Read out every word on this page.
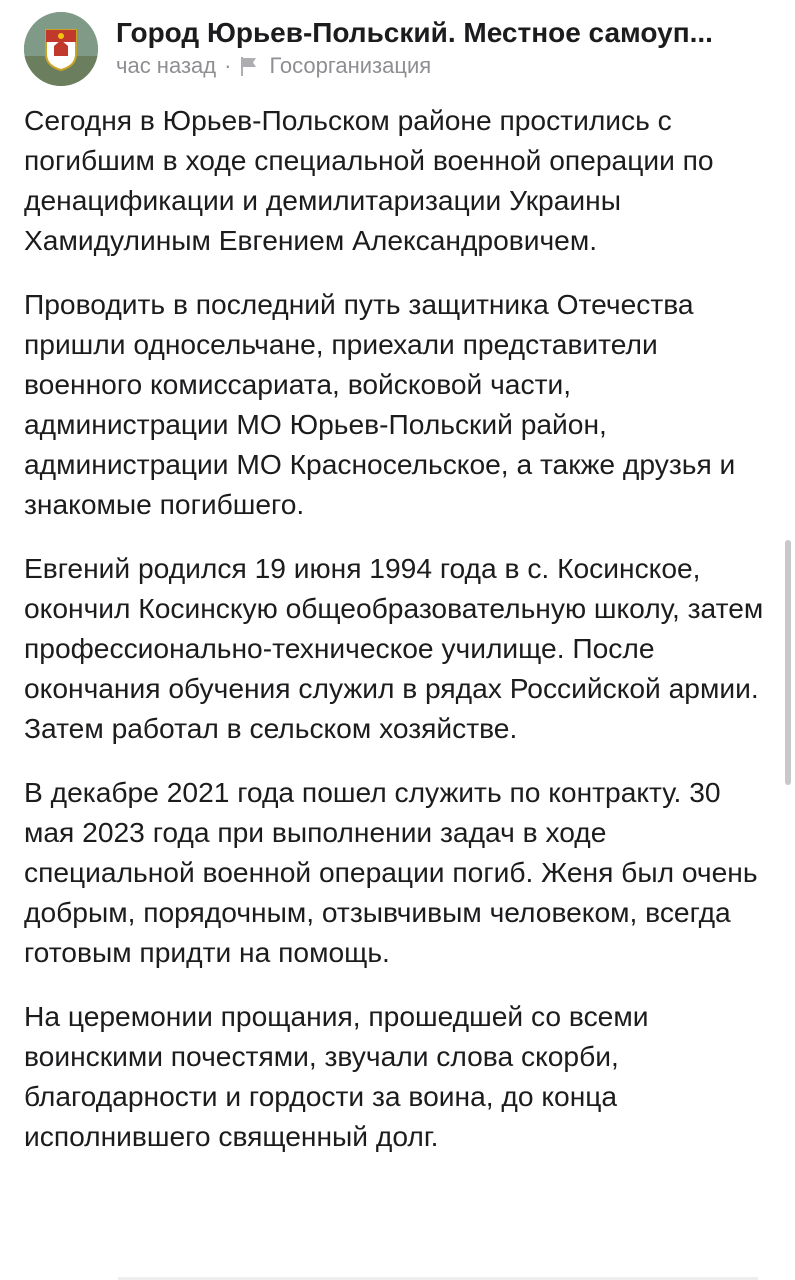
Город Юрьев-Польский. Местное самоуп...
час назад · Госорганизация

Сегодня в Юрьев-Польском районе простились с погибшим в ходе специальной военной операции по денацификации и демилитаризации Украины Хамидулиным Евгением Александровичем.

Проводить в последний путь защитника Отечества пришли односельчане, приехали представители военного комиссариата, войсковой части, администрации МО Юрьев-Польский район, администрации МО Красносельское, а также друзья и знакомые погибшего.

Евгений родился 19 июня 1994 года в с. Косинское, окончил Косинскую общеобразовательную школу, затем профессионально-техническое училище. После окончания обучения служил в рядах Российской армии. Затем работал в сельском хозяйстве.

В декабре 2021 года пошел служить по контракту. 30 мая 2023 года при выполнении задач в ходе специальной военной операции погиб. Женя был очень добрым, порядочным, отзывчивым человеком, всегда готовым придти на помощь.

На церемонии прощания, прошедшей со всеми воинскими почестями, звучали слова скорби, благодарности и гордости за воина, до конца исполнившего священный долг.
